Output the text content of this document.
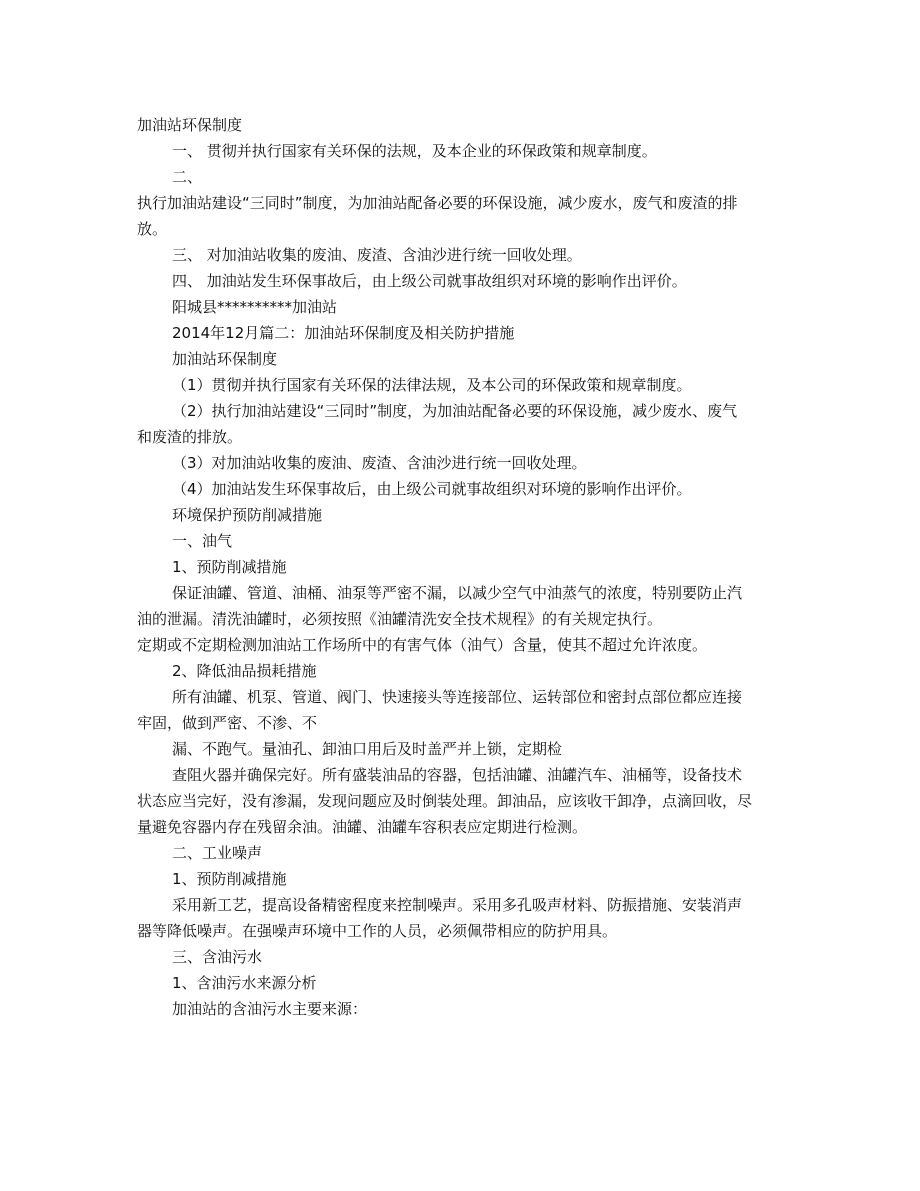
加油站环保制度
一、 贯彻并执行国家有关环保的法规，及本企业的环保政策和规章制度。
二、
执行加油站建设“三同时”制度，为加油站配备必要的环保设施，减少废水，废气和废渣的排
放。
三、 对加油站收集的废油、废渣、含油沙进行统一回收处理。
四、 加油站发生环保事故后，由上级公司就事故组织对环境的影响作出评价。
阳城县**********加油站
2014年12月篇二：加油站环保制度及相关防护措施
加油站环保制度
（1）贯彻并执行国家有关环保的法律法规，及本公司的环保政策和规章制度。
（2）执行加油站建设“三同时”制度，为加油站配备必要的环保设施，减少废水、废气
和废渣的排放。
（3）对加油站收集的废油、废渣、含油沙进行统一回收处理。
（4）加油站发生环保事故后，由上级公司就事故组织对环境的影响作出评价。
环境保护预防削减措施
一、油气
1、预防削减措施
保证油罐、管道、油桶、油泵等严密不漏，以减少空气中油蒸气的浓度，特别要防止汽
油的泄漏。清洗油罐时，必须按照《油罐清洗安全技术规程》的有关规定执行。
定期或不定期检测加油站工作场所中的有害气体（油气）含量，使其不超过允许浓度。
2、降低油品损耗措施
所有油罐、机泵、管道、阀门、快速接头等连接部位、运转部位和密封点部位都应连接
牢固，做到严密、不渗、不
漏、不跑气。量油孔、卸油口用后及时盖严并上锁，定期检
查阻火器并确保完好。所有盛装油品的容器，包括油罐、油罐汽车、油桶等，设备技术
状态应当完好，没有渗漏，发现问题应及时倒装处理。卸油品，应该收干卸净，点滴回收，尽
量避免容器内存在残留余油。油罐、油罐车容积表应定期进行检测。
二、工业噪声
1、预防削减措施
采用新工艺，提高设备精密程度来控制噪声。采用多孔吸声材料、防振措施、安装消声
器等降低噪声。在强噪声环境中工作的人员，必须佩带相应的防护用具。
三、含油污水
1、含油污水来源分析
加油站的含油污水主要来源：
